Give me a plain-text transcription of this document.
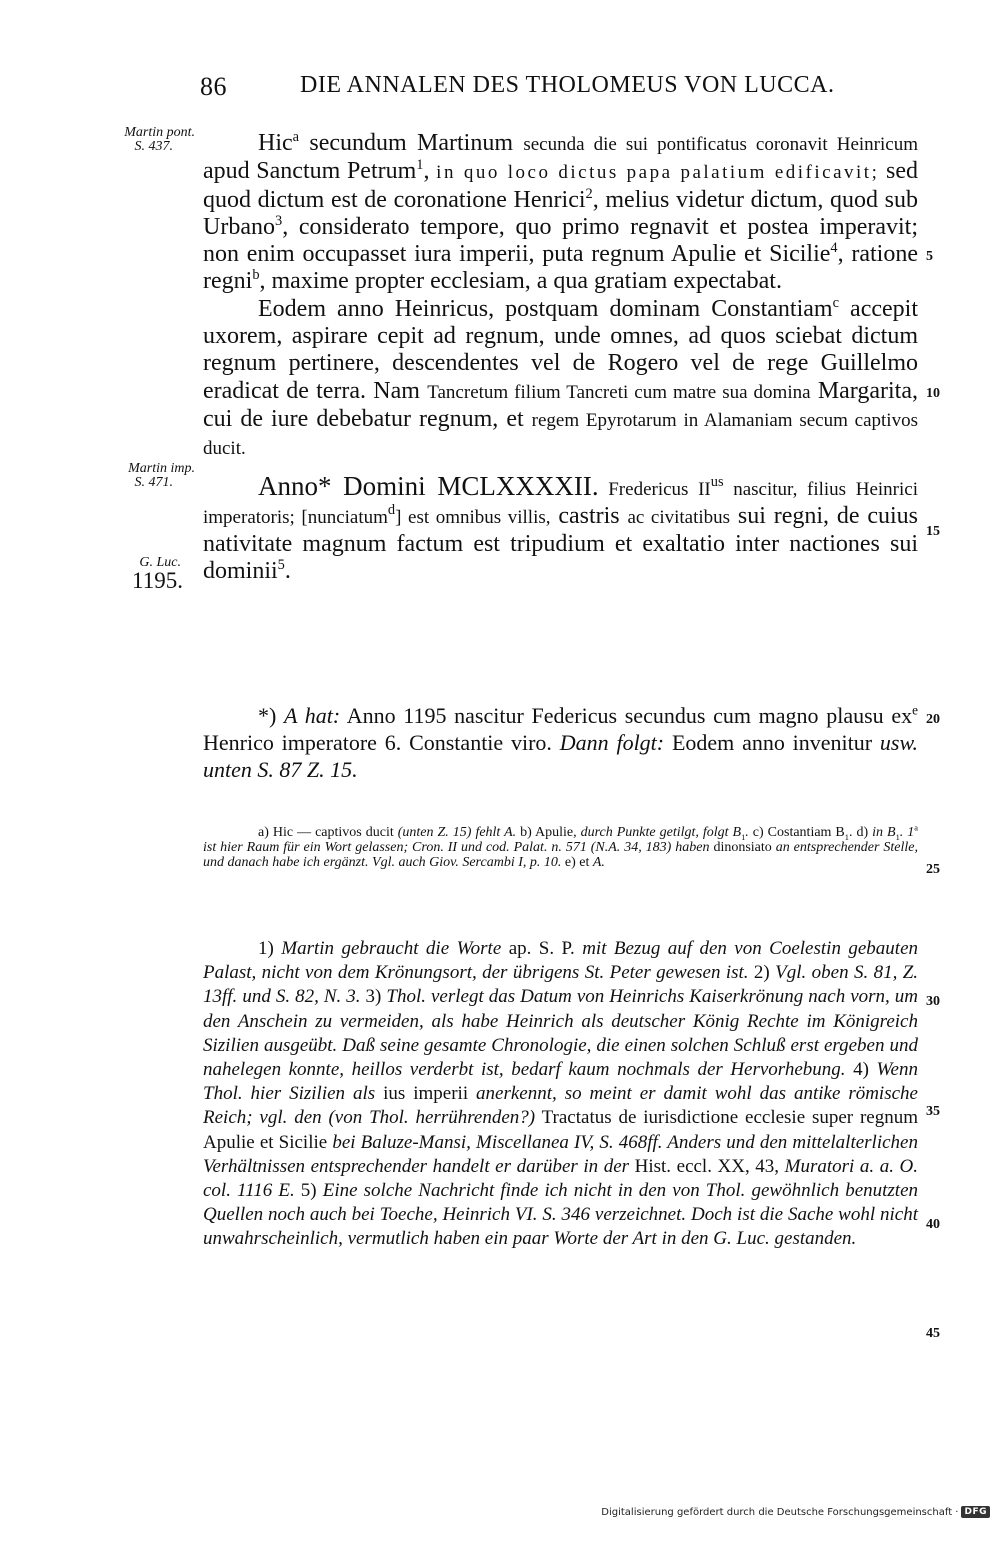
86	DIE ANNALEN DES THOLOMEUS VON LUCCA.
Martin pont.
S. 437.
Martin imp.
S. 471.
G. Luc.
1195.
5
10
15
20
25
30
35
40
45

Hic$^a$ secundum Martinum secunda die sui pontificatus coronavit Heinricum apud Sanctum Petrum$^1$, in quo loco dictus papa palatium edificavit; sed quod dictum est de coronatione Henrici$^2$, melius videtur dictum, quod sub Urbano$^3$, considerato tempore, quo primo regnavit et postea imperavit; non enim occupasset iura imperii, puta regnum Apulie et Sicilie$^4$, ratione regni$^b$, maxime propter ecclesiam, a qua gratiam expectabat.

Eodem anno Heinricus, postquam dominam Constantiam$^c$ accepit uxorem, aspirare cepit ad regnum, unde omnes, ad quos sciebat dictum regnum pertinere, descendentes vel de Rogero vel de rege Guillelmo eradicat de terra. Nam Tancretum filium Tancreti cum matre sua domina Margarita, cui de iure debebatur regnum, et regem Epyrotarum in Alamaniam secum captivos ducit.

Anno* Domini MCLXXXXII. Fredericus $II^{us}$ nascitur, filius Heinrici imperatoris; [nunciatum$^d$] est omnibus villis, castris ac civitatibus sui regni, de cuius nativitate magnum factum est tripudium et exaltatio inter nactiones sui dominii$^5$.

*) A hat: Anno 1195 nascitur Federicus secundus cum magno plausu $ex^e$ Henrico imperatore 6. Constantie viro. Dann folgt: Eodem anno invenitur usw. unten S. 87 Z. 15.

a) Hic — captivos ducit (unten Z. 15) fehlt A. b) Apulie, durch Punkte getilgt, folgt $B_1$. c) Costantiam $B_1$. d) in $B_1$. 1$^a$ ist hier Raum für ein Wort gelassen; Cron. II und cod. Palat. n. 571 (N.A. 34, 183) haben dinonsiato an entsprechender Stelle, und danach habe ich ergänzt. Vgl. auch Giov. Sercambi I, p. 10. e) et A.

1) Martin gebraucht die Worte ap. S. P. mit Bezug auf den von Coelestin gebauten Palast, nicht von dem Krönungsort, der übrigens St. Peter gewesen ist. 2) Vgl. oben S. 81, Z. 13ff. und S. 82, N. 3. 3) Thol. verlegt das Datum von Heinrichs Kaiserkrönung nach vorn, um den Anschein zu vermeiden, als habe Heinrich als deutscher König Rechte im Königreich Sizilien ausgeübt. Daß seine gesamte Chronologie, die einen solchen Schluß erst ergeben und nahelegen konnte, heillos verderbt ist, bedarf kaum nochmals der Hervorhebung. 4) Wenn Thol. hier Sizilien als ius imperii anerkennt, so meint er damit wohl das antike römische Reich; vgl. den (von Thol. herrührenden?) Tractatus de iurisdictione ecclesie super regnum Apulie et Sicilie bei Baluze-Mansi, Miscellanea IV, S. 468ff. Anders und den mittelalterlichen Verhältnissen entsprechender handelt er darüber in der Hist. eccl. XX, 43, Muratori a. a. O. col. 1116 E. 5) Eine solche Nachricht finde ich nicht in den von Thol. gewöhnlich benutzten Quellen noch auch bei Toeche, Heinrich VI. S. 346 verzeichnet. Doch ist die Sache wohl nicht unwahrscheinlich, vermutlich haben ein paar Worte der Art in den G. Luc. gestanden.

Digitalisierung gefördert durch die Deutsche Forschungsgemeinschaft · DFG
